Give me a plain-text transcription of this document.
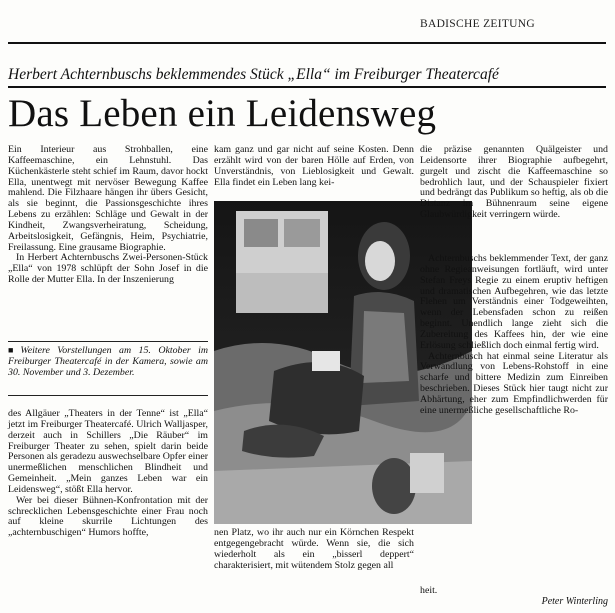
BADISCHE ZEITUNG
Herbert Achternbuschs beklemmendes Stück „Ella“ im Freiburger Theatercafé
Das Leben ein Leidensweg

Ein Interieur aus Strohballen, eine Kaffeemaschine, ein Lehnstuhl. Das Küchenkästerle steht schief im Raum, davor hockt Ella, unentwegt mit nervöser Bewegung Kaffee mahlend. Die Filzhaare hängen ihr übers Gesicht, als sie beginnt, die Passionsgeschichte ihres Lebens zu erzählen: Schläge und Gewalt in der Kindheit, Zwangsverheiratung, Scheidung, Arbeitslosigkeit, Gefängnis, Heim, Psychiatrie, Freilassung. Eine grausame Biographie.

In Herbert Achternbuschs Zwei-Personen-Stück „Ella“ von 1978 schlüpft der Sohn Josef in die Rolle der Mutter Ella. In der Inszenierung

■ Weitere Vorstellungen am 15. Oktober im Freiburger Theatercafé in der Kamera, sowie am 30. November und 3. Dezember.

des Allgäuer „Theaters in der Tenne“ ist „Ella“ jetzt im Freiburger Theatercafé. Ulrich Walljasper, derzeit auch in Schillers „Die Räuber“ im Freiburger Theater zu sehen, spielt darin beide Personen als geradezu auswechselbare Opfer einer unermeßlichen menschlichen Blindheit und Gemeinheit. „Mein ganzes Leben war ein Leidensweg“, stößt Ella hervor.

Wer bei dieser Bühnen-Konfrontation mit der schrecklichen Lebensgeschichte einer Frau noch auf kleine skurrile Lichtungen des „achternbuschigen“ Humors hoffte,

kam ganz und gar nicht auf seine Kosten. Denn erzählt wird von der baren Hölle auf Erden, von Unverständnis, von Lieblosigkeit und Gewalt. Ella findet ein Leben lang kei-

nen Platz, wo ihr auch nur ein Körnchen Respekt entgegengebracht würde. Wenn sie, die sich wiederholt als ein „bisserl deppert“ charakterisiert, mit wütendem Stolz gegen all

die präzise genannten Quälgeister und Leidensorte ihrer Biographie aufbegehrt, gurgelt und zischt die Kaffeemaschine so bedrohlich laut, und der Schauspieler fixiert und bedrängt das Publikum so heftig, als ob die Distanz im Bühnenraum seine eigene Glaubwürdigkeit verringern würde.

Achternbuschs beklemmender Text, der ganz ohne Regieanweisungen fortläuft, wird unter Stefan Freys Regie zu einem eruptiv heftigen und dramatischen Aufbegehren, wie das letzte Flehen um Verständnis einer Todgeweihten, wenn der Lebensfaden schon zu reißen beginnt. Unendlich lange zieht sich die Zubereitung des Kaffees hin, der wie eine Erlösung schließlich doch einmal fertig wird.

Achternbusch hat einmal seine Literatur als Verwandlung von Lebens-Rohstoff in eine scharfe und bittere Medizin zum Einreiben beschrieben. Dieses Stück hier taugt nicht zur Abhärtung, eher zum Empfindlichwerden für eine unermeßliche gesellschaftliche Ro-

heit.

Peter Winterling
